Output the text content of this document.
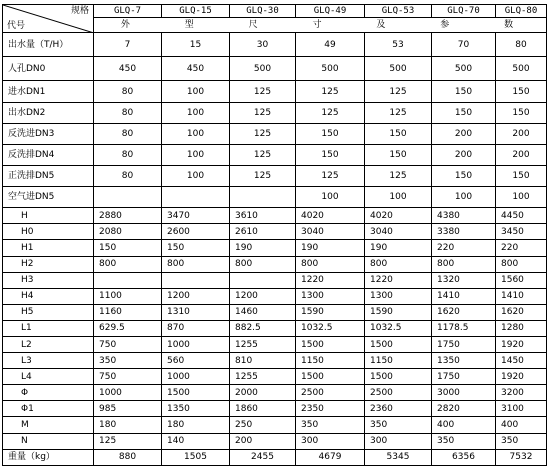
规格
代号	GLQ-7	GLQ-15	GLQ-30	GLQ-49	GLQ-53	GLQ-70	GLQ-80
	外 型 尺 寸 及 参 数						
出水量（T/H）	7	15	30	49	53	70	80
人孔DN0	450	450	500	500	500	500	500
进水DN1	80	100	125	125	125	150	150
出水DN2	80	100	125	125	125	150	150
反洗进DN3	80	100	125	150	150	200	200
反洗排DN4	80	100	125	150	150	200	200
正洗排DN5	80	100	125	125	125	150	150
空气进DN5				100	100	100	100
H	2880	3470	3610	4020	4020	4380	4450
H0	2080	2600	2610	3040	3040	3380	3450
H1	150	150	190	190	190	220	220
H2	800	800	800	800	800	800	800
H3				1220	1220	1320	1560
H4	1100	1200	1200	1300	1300	1410	1410
H5	1160	1310	1460	1590	1590	1620	1620
L1	629.5	870	882.5	1032.5	1032.5	1178.5	1280
L2	750	1000	1255	1500	1500	1750	1920
L3	350	560	810	1150	1150	1350	1450
L4	750	1000	1255	1500	1500	1750	1920
Φ	1000	1500	2000	2500	2500	3000	3200
Φ1	985	1350	1860	2350	2360	2820	3100
M	180	180	250	350	350	400	400
N	125	140	200	300	300	350	350
重量（kg）	880	1505	2455	4679	5345	6356	7532
